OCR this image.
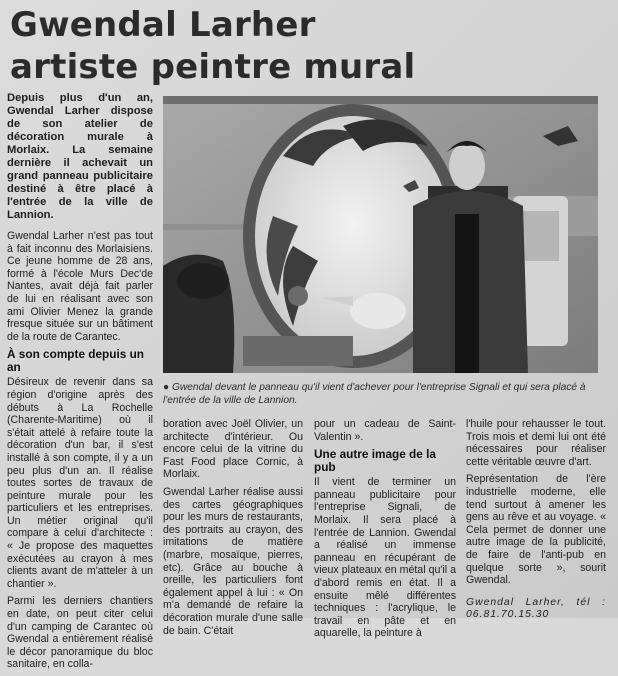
Gwendal Larher
artiste peintre mural

Depuis plus d'un an, Gwendal Larher dispose de son atelier de décoration murale à Morlaix. La semaine dernière il achevait un grand panneau publicitaire destiné à être placé à l'entrée de la ville de Lannion.

Gwendal Larher n'est pas tout à fait inconnu des Morlaisiens. Ce jeune homme de 28 ans, formé à l'école Murs Dec'de Nantes, avait déjà fait parler de lui en réalisant avec son ami Olivier Menez la grande fresque située sur un bâtiment de la route de Carantec.

À son compte depuis un an

Désireux de revenir dans sa région d'origine après des débuts à La Rochelle (Charente-Maritime) où il s'était attelé à refaire toute la décoration d'un bar, il s'est installé à son compte, il y a un peu plus d'un an. Il réalise toutes sortes de travaux de peinture murale pour les particuliers et les entreprises. Un métier original qu'il compare à celui d'architecte : « Je propose des maquettes exécutées au crayon à mes clients avant de m'atteler à un chantier ».

Parmi les derniers chantiers en date, on peut citer celui d'un camping de Carantec où Gwendal a entièrement réalisé le décor panoramique du bloc sanitaire, en colla-

● Gwendal devant le panneau qu'il vient d'achever pour l'entreprise Signali et qui sera placé à l'entrée de la ville de Lannion.

boration avec Joël Olivier, un architecte d'intérieur. Ou encore celui de la vitrine du Fast Food place Cornic, à Morlaix.

Gwendal Larher réalise aussi des cartes géographiques pour les murs de restaurants, des portraits au crayon, des imitations de matière (marbre, mosaïque, pierres, etc). Grâce au bouche à oreille, les particuliers font également appel à lui : « On m'a demandé de refaire la décoration murale d'une salle de bain. C'était

pour un cadeau de Saint-Valentin ».

Une autre image de la pub

Il vient de terminer un panneau publicitaire pour l'entreprise Signali, de Morlaix. Il sera placé à l'entrée de Lannion. Gwendal a réalisé un immense panneau en récupérant de vieux plateaux en métal qu'il a d'abord remis en état. Il a ensuite mêlé différentes techniques : l'acrylique, le travail en pâte et en aquarelle, la peinture à

l'huile pour rehausser le tout. Trois mois et demi lui ont été nécessaires pour réaliser cette véritable œuvre d'art.

Représentation de l'ère industrielle moderne, elle tend surtout à amener les gens au rêve et au voyage. « Cela permet de donner une autre image de la publicité, de faire de l'anti-pub en quelque sorte », sourit Gwendal.

Gwendal Larher, tél : 06.81.70.15.30
